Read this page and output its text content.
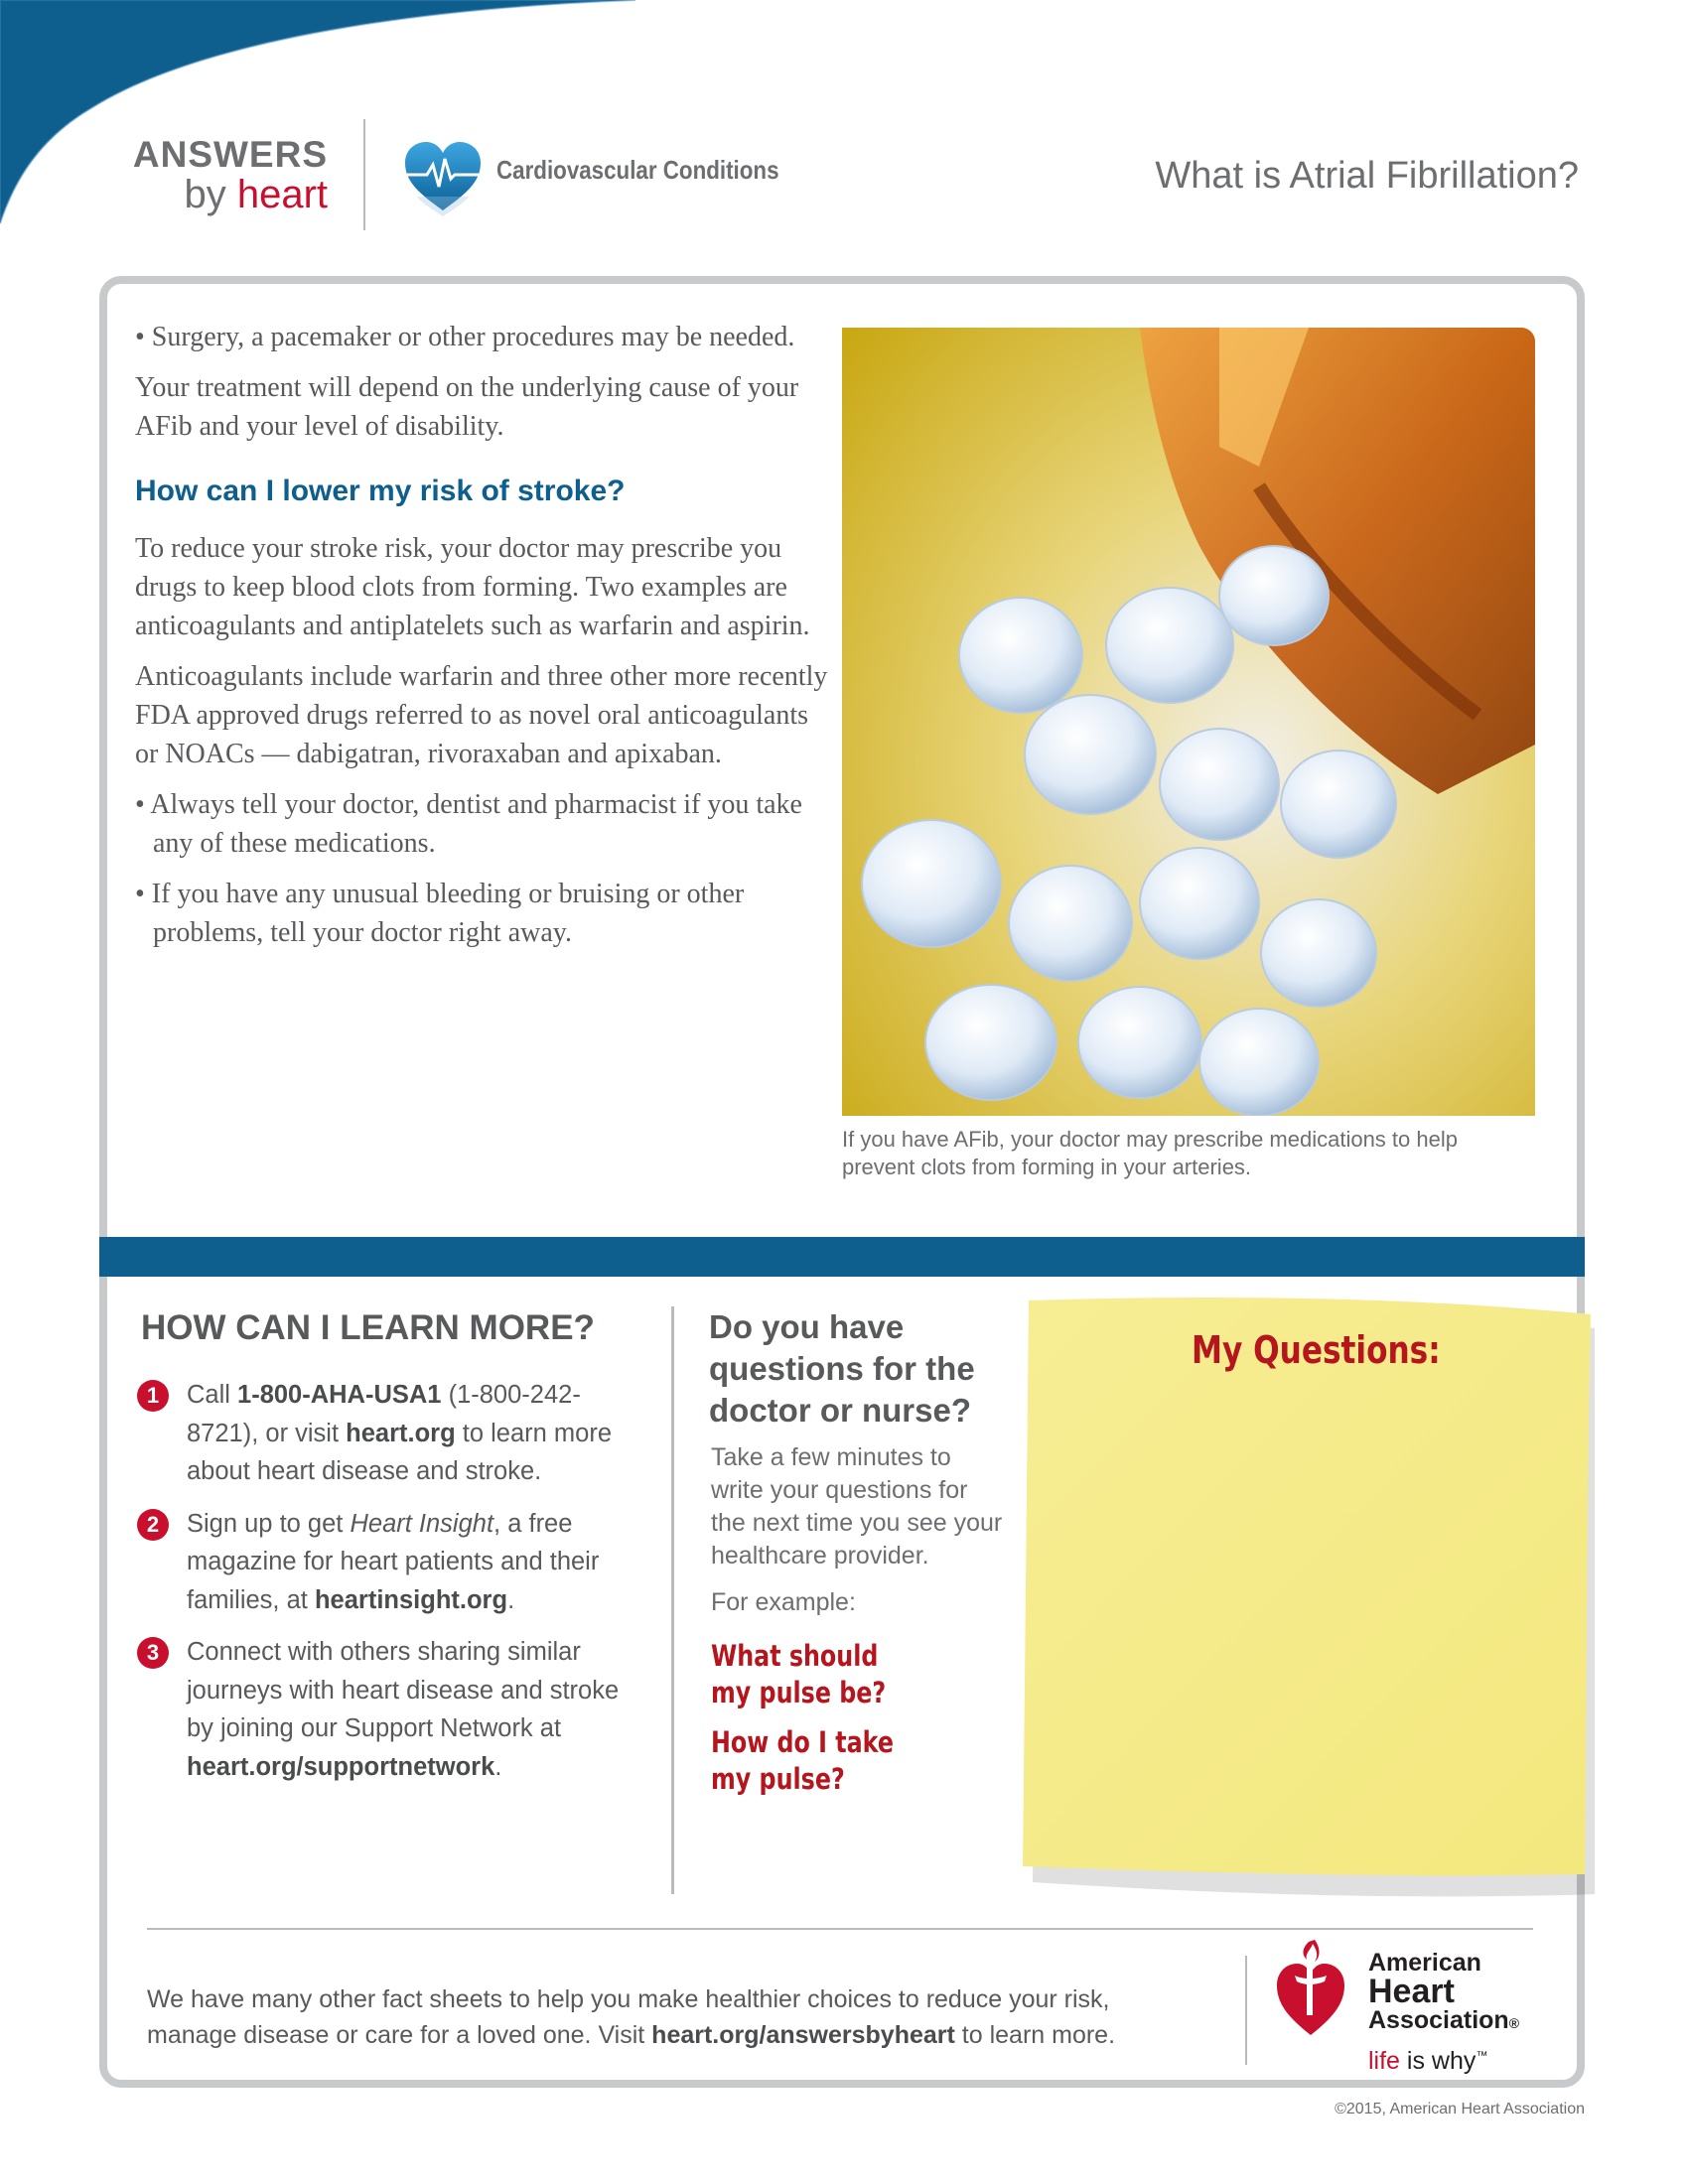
ANSWERS
by heart
Cardiovascular Conditions	What is Atrial Fibrillation?

• Surgery, a pacemaker or other procedures may be needed.

Your treatment will depend on the underlying cause of your AFib and your level of disability.

How can I lower my risk of stroke?

To reduce your stroke risk, your doctor may prescribe you drugs to keep blood clots from forming. Two examples are anticoagulants and antiplatelets such as warfarin and aspirin.

Anticoagulants include warfarin and three other more recently FDA approved drugs referred to as novel oral anticoagulants or NOACs — dabigatran, rivoraxaban and apixaban.

• Always tell your doctor, dentist and pharmacist if you take any of these medications.

• If you have any unusual bleeding or bruising or other problems, tell your doctor right away.

If you have AFib, your doctor may prescribe medications to help prevent clots from forming in your arteries.
HOW CAN I LEARN MORE?
1	Call 1-800-AHA-USA1 (1-800-242-8721), or visit heart.org to learn more about heart disease and stroke.
2	Sign up to get Heart Insight, a free magazine for heart patients and their families, at heartinsight.org.
3	Connect with others sharing similar journeys with heart disease and stroke by joining our Support Network at heart.org/supportnetwork.
Do you have questions for the doctor or nurse?
Take a few minutes to write your questions for the next time you see your healthcare provider.
For example:
What should my pulse be?
How do I take my pulse?
My Questions:
We have many other fact sheets to help you make healthier choices to reduce your risk, manage disease or care for a loved one. Visit heart.org/answersbyheart to learn more.
American
Heart
Association®
life is why™
©2015, American Heart Association
